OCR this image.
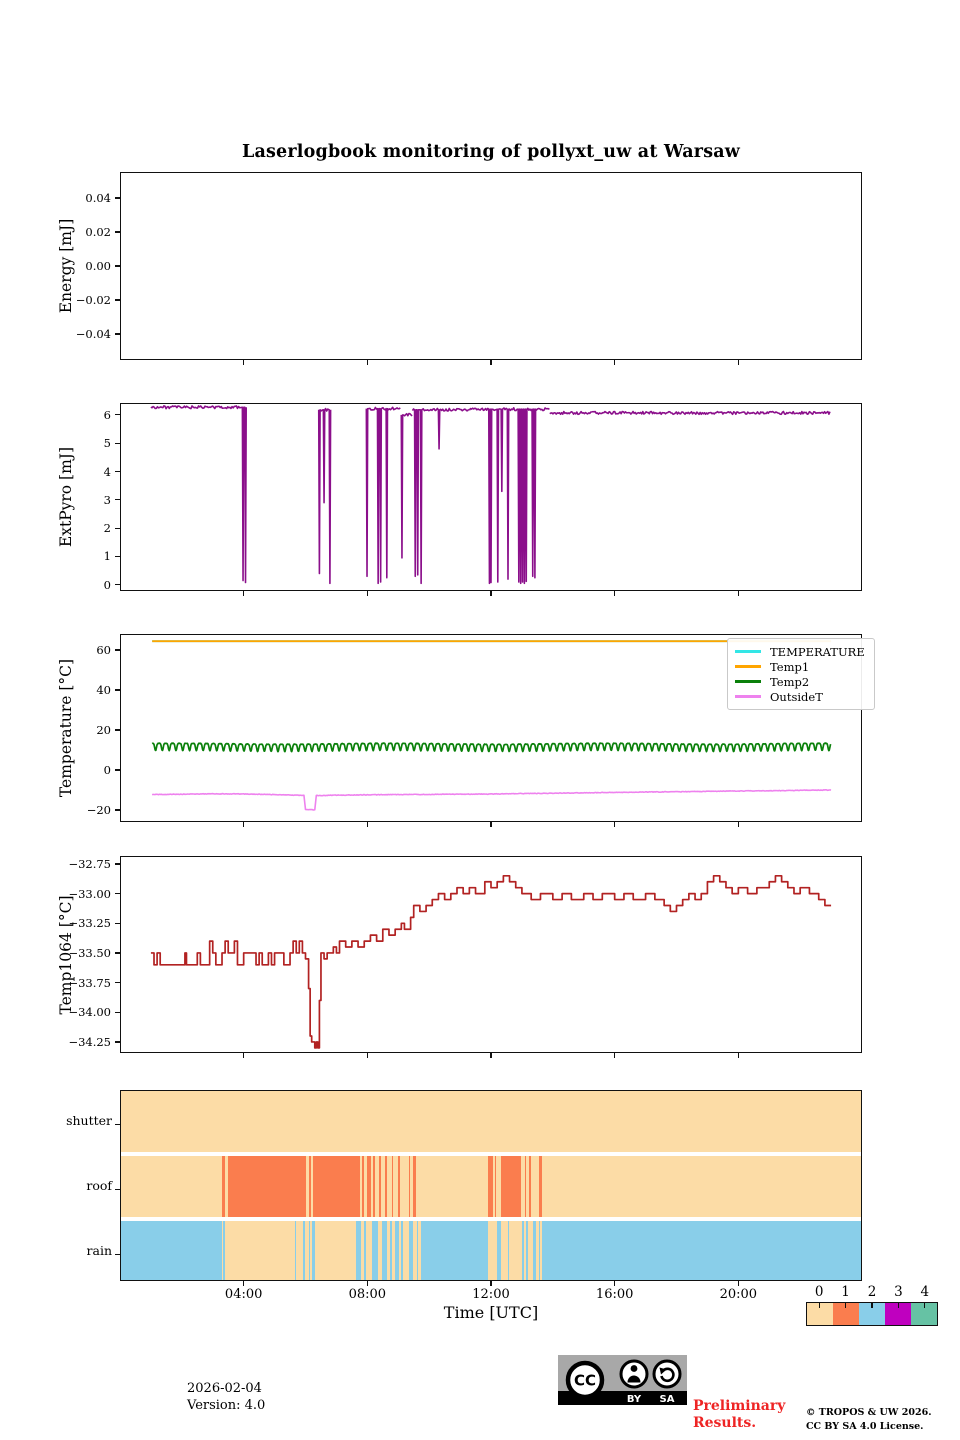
Laserlogbook monitoring of pollyxt_uw at Warsaw
0.04
0.02
0.00
−0.02
−0.04
Energy [mJ]
6
5
4
3
2
1
0
ExtPyro [mJ]
60
40
20
0
−20
Temperature [°C]
TEMPERATURE
Temp1
Temp2
OutsideT
−32.75
−33.00
−33.25
−33.50
−33.75
−34.00
−34.25
Temp1064 [°C]
04:00	08:00	12:00	16:00	20:00
shutter
roof
rain
Time [UTC]
2026-02-04
Version: 4.0
CC
BY SA Preliminary
Results.
© TROPOS & UW 2026.
CC BY SA 4.0 License.
0	1	2	3	4
